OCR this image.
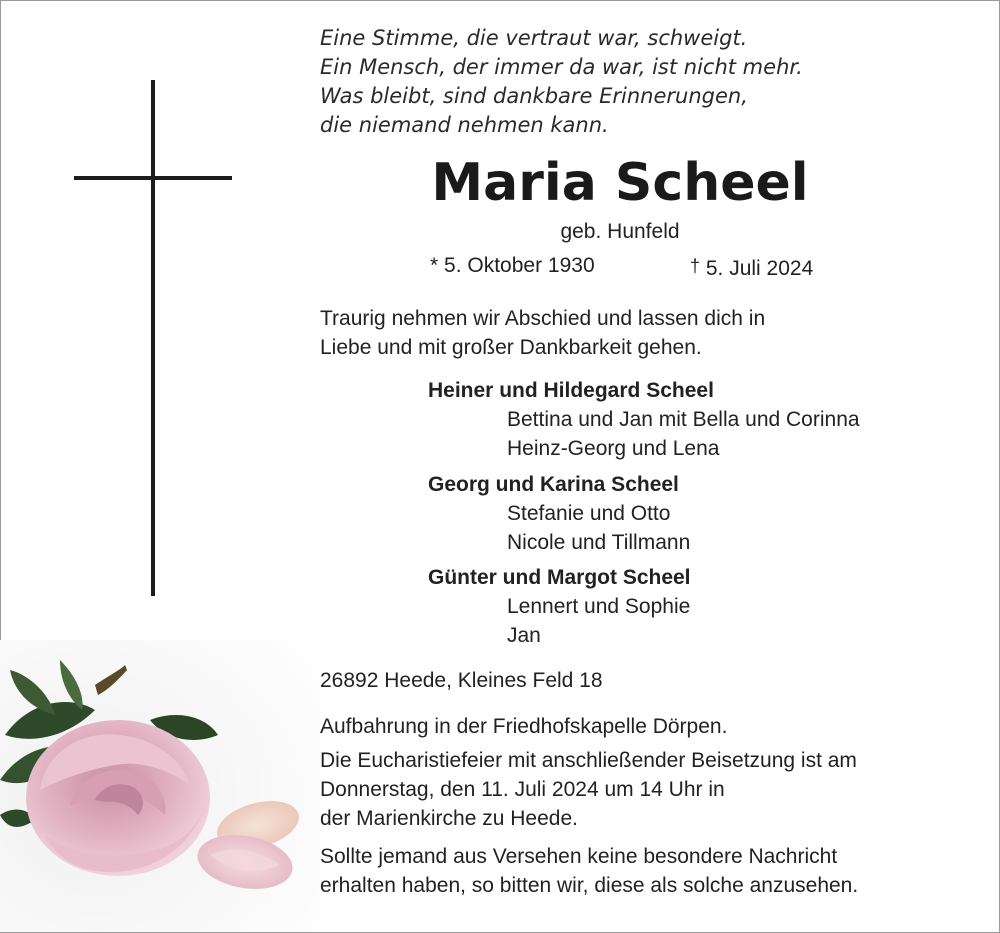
Eine Stimme, die vertraut war, schweigt.
Ein Mensch, der immer da war, ist nicht mehr.
Was bleibt, sind dankbare Erinnerungen,
die niemand nehmen kann.
Maria Scheel
geb. Hunfeld
* 5. Oktober 1930	† 5. Juli 2024
Traurig nehmen wir Abschied und lassen dich in
Liebe und mit großer Dankbarkeit gehen.
Heiner und Hildegard Scheel
Bettina und Jan mit Bella und Corinna
Heinz-Georg und Lena
Georg und Karina Scheel
Stefanie und Otto
Nicole und Tillmann
Günter und Margot Scheel
Lennert und Sophie
Jan
26892 Heede, Kleines Feld 18
Aufbahrung in der Friedhofskapelle Dörpen.
Die Eucharistiefeier mit anschließender Beisetzung ist am
Donnerstag, den 11. Juli 2024 um 14 Uhr in
der Marienkirche zu Heede.
Sollte jemand aus Versehen keine besondere Nachricht
erhalten haben, so bitten wir, diese als solche anzusehen.
